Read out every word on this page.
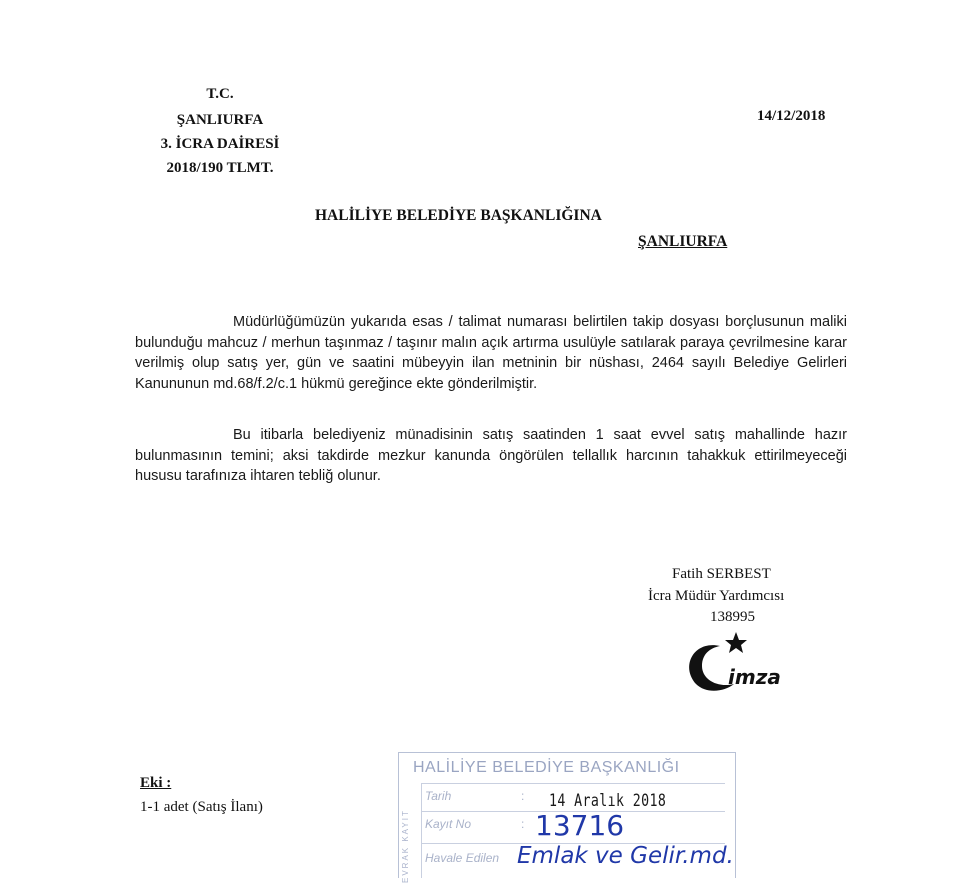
T.C.
ŞANLIURFA
3. İCRA DAİRESİ
2018/190 TLMT.
14/12/2018
HALİLİYE BELEDİYE BAŞKANLIĞINA
ŞANLIURFA
Müdürlüğümüzün yukarıda esas / talimat numarası belirtilen takip dosyası borçlusunun maliki bulunduğu mahcuz / merhun taşınmaz / taşınır malın açık artırma usulüyle satılarak paraya çevrilmesine karar verilmiş olup satış yer, gün ve saatini mübeyyin ilan metninin bir nüshası, 2464 sayılı Belediye Gelirleri Kanununun md.68/f.2/c.1 hükmü gereğince ekte gönderilmiştir.
Bu itibarla belediyeniz münadisinin satış saatinden 1 saat evvel satış mahallinde hazır bulunmasının temini; aksi takdirde mezkur kanunda öngörülen tellallık harcının tahakkuk ettirilmeyeceği hususu tarafınıza ihtaren tebliğ olunur.
Fatih SERBEST
İcra Müdür Yardımcısı
138995
imza
Eki :
1-1 adet (Satış İlanı)
HALİLİYE BELEDİYE BAŞKANLIĞI
EVRAK KAYIT
Tarih	: 14 Aralık 2018
Kayıt No	: 13716
Havale Edilen Emlak ve Gelir.md.
